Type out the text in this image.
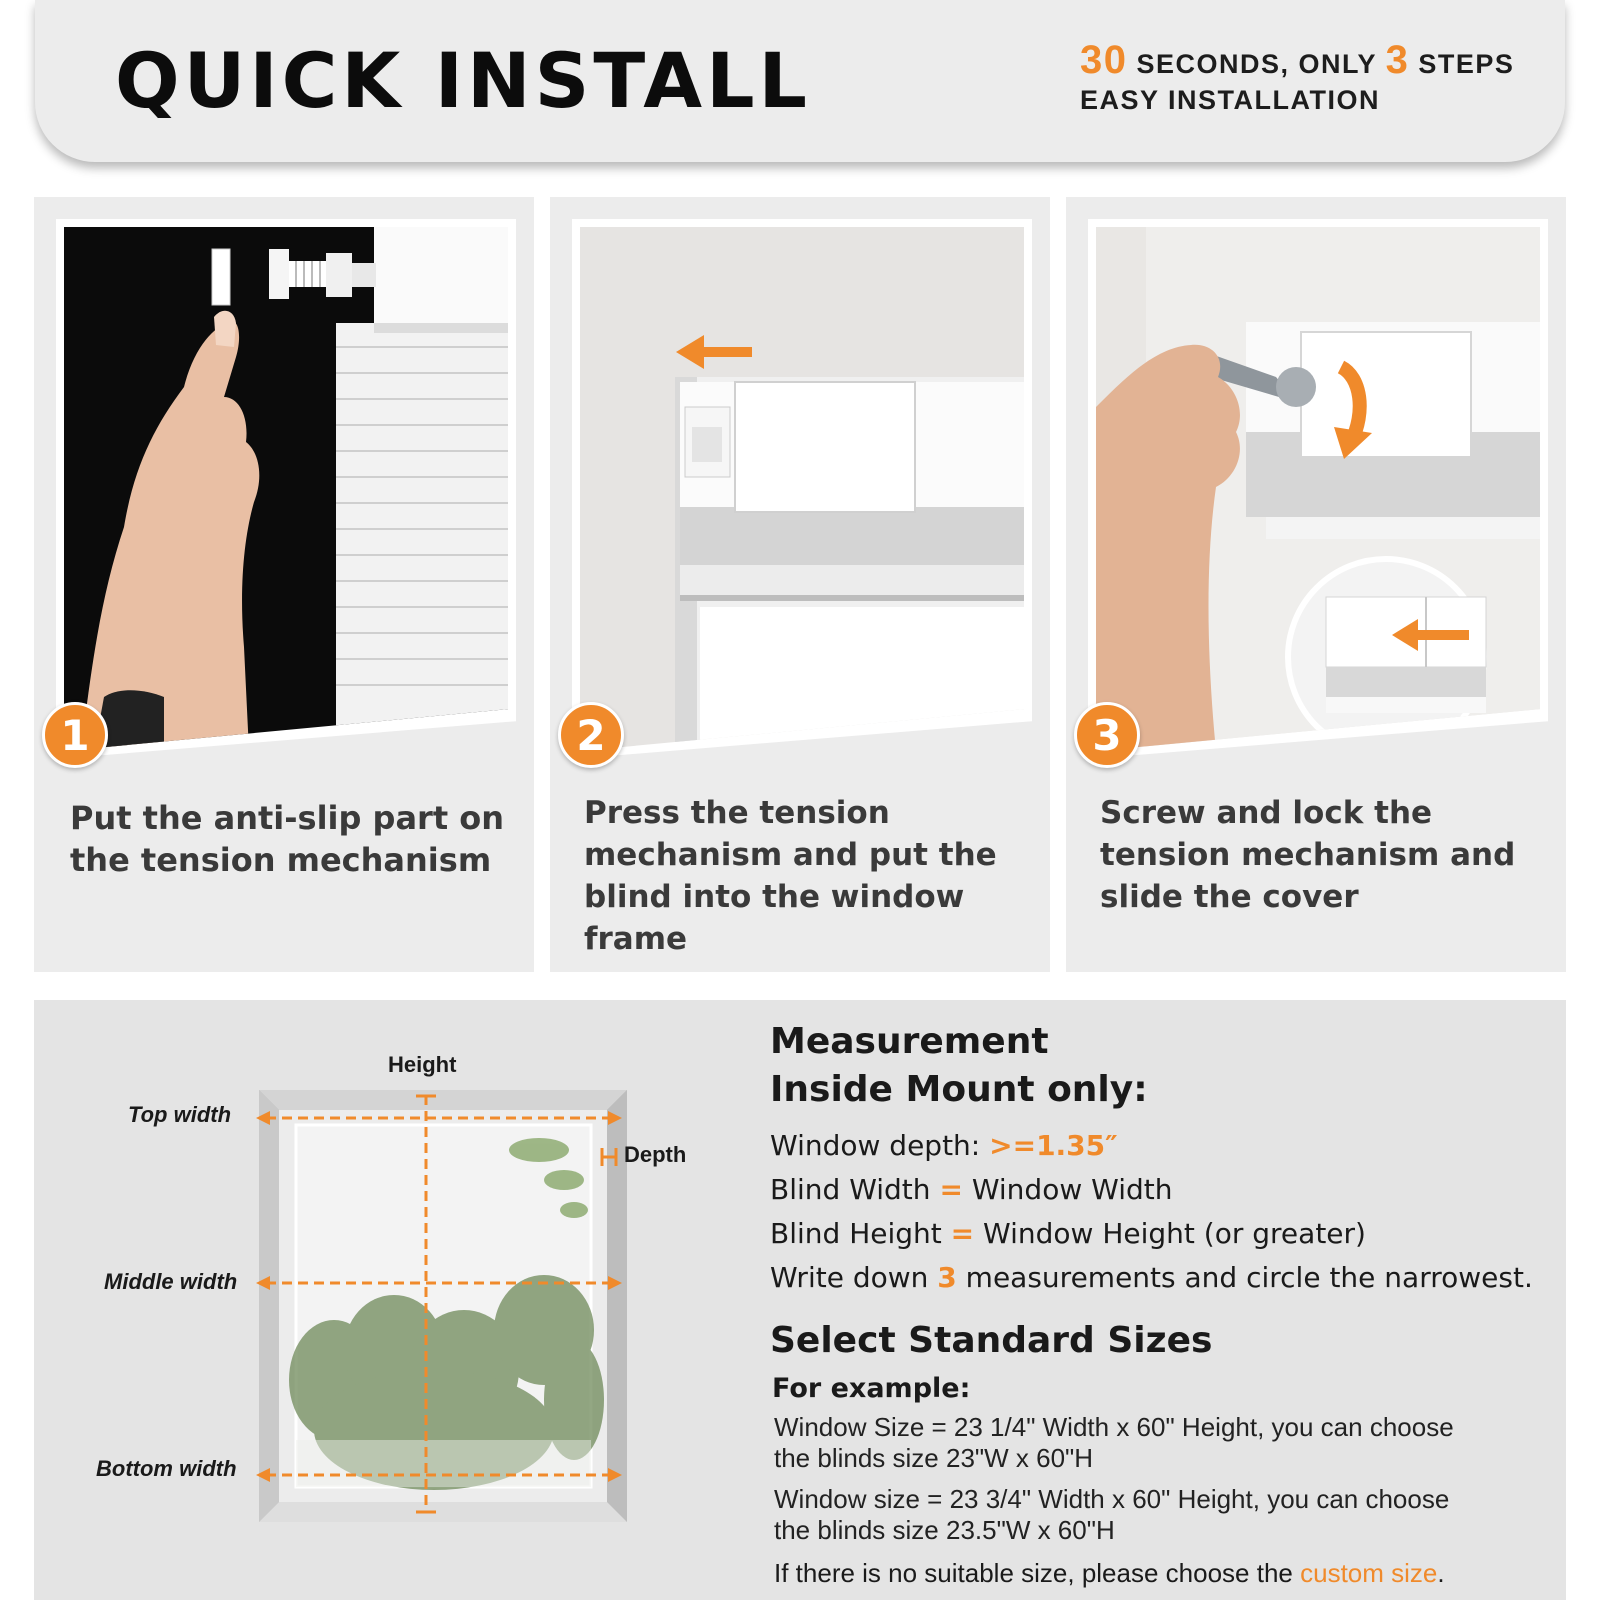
QUICK INSTALL	30 SECONDS, ONLY 3 STEPS
EASY INSTALLATION
1
Put the anti-slip part on the tension mechanism
2
Press the tension mechanism and put the blind into the window frame
3
Screw and lock the tension mechanism and slide the cover
Height
Depth
Top width
Middle width
Bottom width
Measurement
Inside Mount only:
Window depth: >=1.35″
Blind Width = Window Width
Blind Height = Window Height (or greater)
Write down 3 measurements and circle the narrowest.
Select Standard Sizes
For example:
Window Size = 23 1/4" Width x 60" Height, you can choose
the blinds size 23"W x 60"H
Window size = 23 3/4" Width x 60" Height, you can choose
the blinds size 23.5"W x 60"H
If there is no suitable size, please choose the custom size.
